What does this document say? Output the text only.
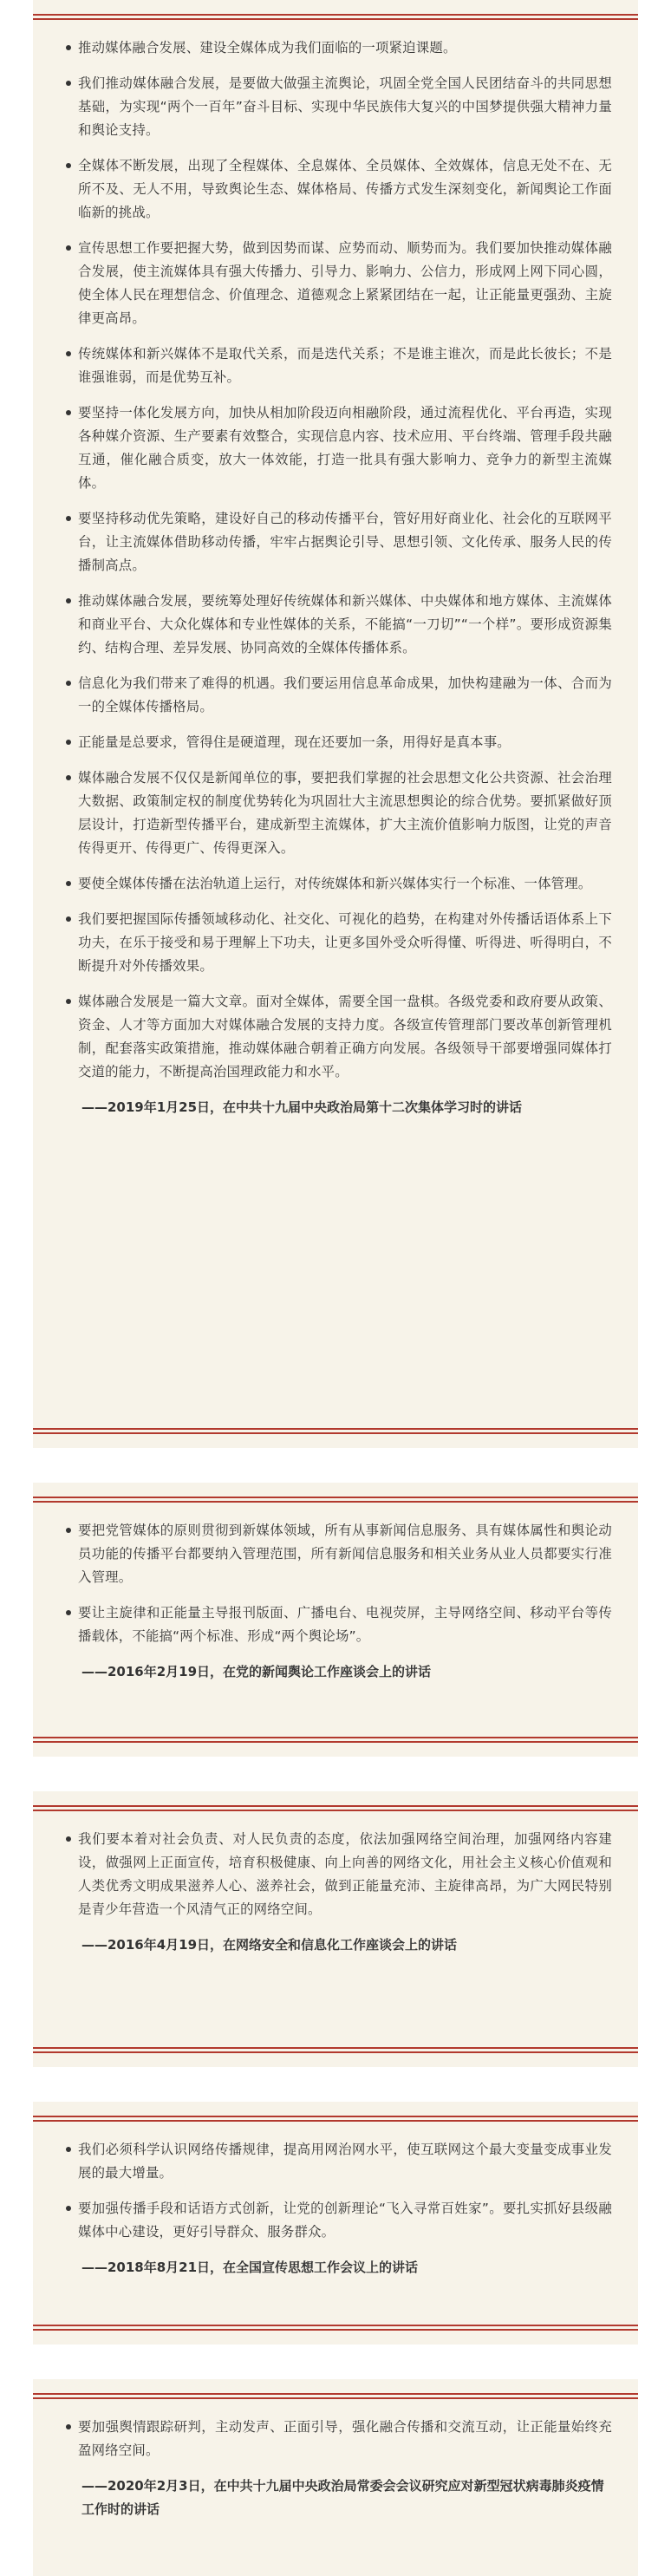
推动媒体融合发展、建设全媒体成为我们面临的一项紧迫课题。

我们推动媒体融合发展，是要做大做强主流舆论，巩固全党全国人民团结奋斗的共同思想基础，为实现“两个一百年”奋斗目标、实现中华民族伟大复兴的中国梦提供强大精神力量和舆论支持。

全媒体不断发展，出现了全程媒体、全息媒体、全员媒体、全效媒体，信息无处不在、无所不及、无人不用，导致舆论生态、媒体格局、传播方式发生深刻变化，新闻舆论工作面临新的挑战。

宣传思想工作要把握大势，做到因势而谋、应势而动、顺势而为。我们要加快推动媒体融合发展，使主流媒体具有强大传播力、引导力、影响力、公信力，形成网上网下同心圆，使全体人民在理想信念、价值理念、道德观念上紧紧团结在一起，让正能量更强劲、主旋律更高昂。

传统媒体和新兴媒体不是取代关系，而是迭代关系；不是谁主谁次，而是此长彼长；不是谁强谁弱，而是优势互补。

要坚持一体化发展方向，加快从相加阶段迈向相融阶段，通过流程优化、平台再造，实现各种媒介资源、生产要素有效整合，实现信息内容、技术应用、平台终端、管理手段共融互通，催化融合质变，放大一体效能，打造一批具有强大影响力、竞争力的新型主流媒体。

要坚持移动优先策略，建设好自己的移动传播平台，管好用好商业化、社会化的互联网平台，让主流媒体借助移动传播，牢牢占据舆论引导、思想引领、文化传承、服务人民的传播制高点。

推动媒体融合发展，要统筹处理好传统媒体和新兴媒体、中央媒体和地方媒体、主流媒体和商业平台、大众化媒体和专业性媒体的关系，不能搞“一刀切”“一个样”。要形成资源集约、结构合理、差异发展、协同高效的全媒体传播体系。

信息化为我们带来了难得的机遇。我们要运用信息革命成果，加快构建融为一体、合而为一的全媒体传播格局。

正能量是总要求，管得住是硬道理，现在还要加一条，用得好是真本事。

媒体融合发展不仅仅是新闻单位的事，要把我们掌握的社会思想文化公共资源、社会治理大数据、政策制定权的制度优势转化为巩固壮大主流思想舆论的综合优势。要抓紧做好顶层设计，打造新型传播平台，建成新型主流媒体，扩大主流价值影响力版图，让党的声音传得更开、传得更广、传得更深入。

要使全媒体传播在法治轨道上运行，对传统媒体和新兴媒体实行一个标准、一体管理。

我们要把握国际传播领域移动化、社交化、可视化的趋势，在构建对外传播话语体系上下功夫，在乐于接受和易于理解上下功夫，让更多国外受众听得懂、听得进、听得明白，不断提升对外传播效果。

媒体融合发展是一篇大文章。面对全媒体，需要全国一盘棋。各级党委和政府要从政策、资金、人才等方面加大对媒体融合发展的支持力度。各级宣传管理部门要改革创新管理机制，配套落实政策措施，推动媒体融合朝着正确方向发展。各级领导干部要增强同媒体打交道的能力，不断提高治国理政能力和水平。

——2019年1月25日，在中共十九届中央政治局第十二次集体学习时的讲话

要把党管媒体的原则贯彻到新媒体领域，所有从事新闻信息服务、具有媒体属性和舆论动员功能的传播平台都要纳入管理范围，所有新闻信息服务和相关业务从业人员都要实行准入管理。

要让主旋律和正能量主导报刊版面、广播电台、电视荧屏，主导网络空间、移动平台等传播载体，不能搞“两个标准、形成“两个舆论场”。

——2016年2月19日，在党的新闻舆论工作座谈会上的讲话

我们要本着对社会负责、对人民负责的态度，依法加强网络空间治理，加强网络内容建设，做强网上正面宣传，培育积极健康、向上向善的网络文化，用社会主义核心价值观和人类优秀文明成果滋养人心、滋养社会，做到正能量充沛、主旋律高昂，为广大网民特别是青少年营造一个风清气正的网络空间。

——2016年4月19日，在网络安全和信息化工作座谈会上的讲话

我们必须科学认识网络传播规律，提高用网治网水平，使互联网这个最大变量变成事业发展的最大增量。

要加强传播手段和话语方式创新，让党的创新理论“飞入寻常百姓家”。要扎实抓好县级融媒体中心建设，更好引导群众、服务群众。

——2018年8月21日，在全国宣传思想工作会议上的讲话

要加强舆情跟踪研判，主动发声、正面引导，强化融合传播和交流互动，让正能量始终充盈网络空间。

——2020年2月3日，在中共十九届中央政治局常委会会议研究应对新型冠状病毒肺炎疫情工作时的讲话
